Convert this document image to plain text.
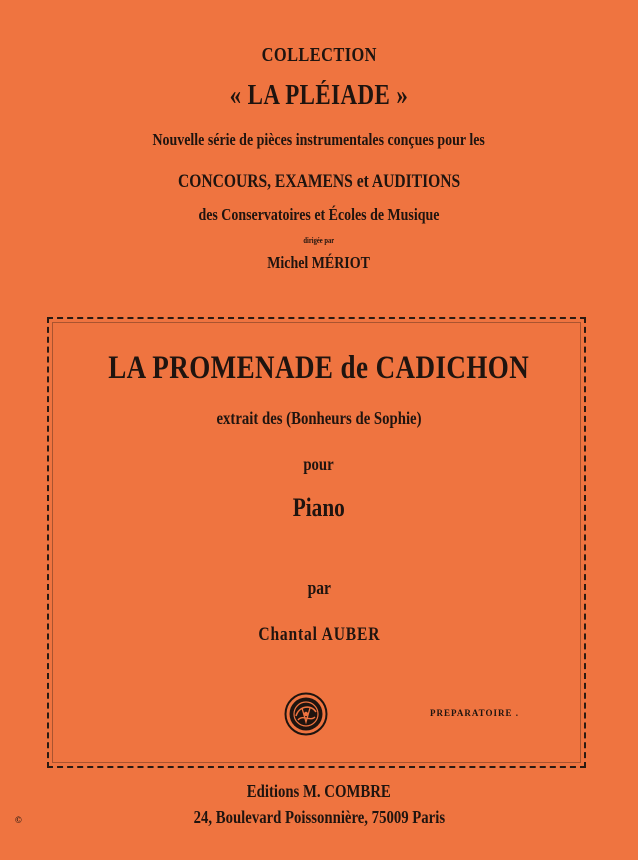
COLLECTION
« LA PLÉIADE »
Nouvelle série de pièces instrumentales conçues pour les
CONCOURS, EXAMENS et AUDITIONS
des Conservatoires et Écoles de Musique
dirigée par
Michel MÉRIOT
LA PROMENADE de CADICHON
extrait des (Bonheurs de Sophie)
pour
Piano
par
Chantal AUBER
PREPARATOIRE .
Editions M. COMBRE
24, Boulevard Poissonnière, 75009 Paris
©
